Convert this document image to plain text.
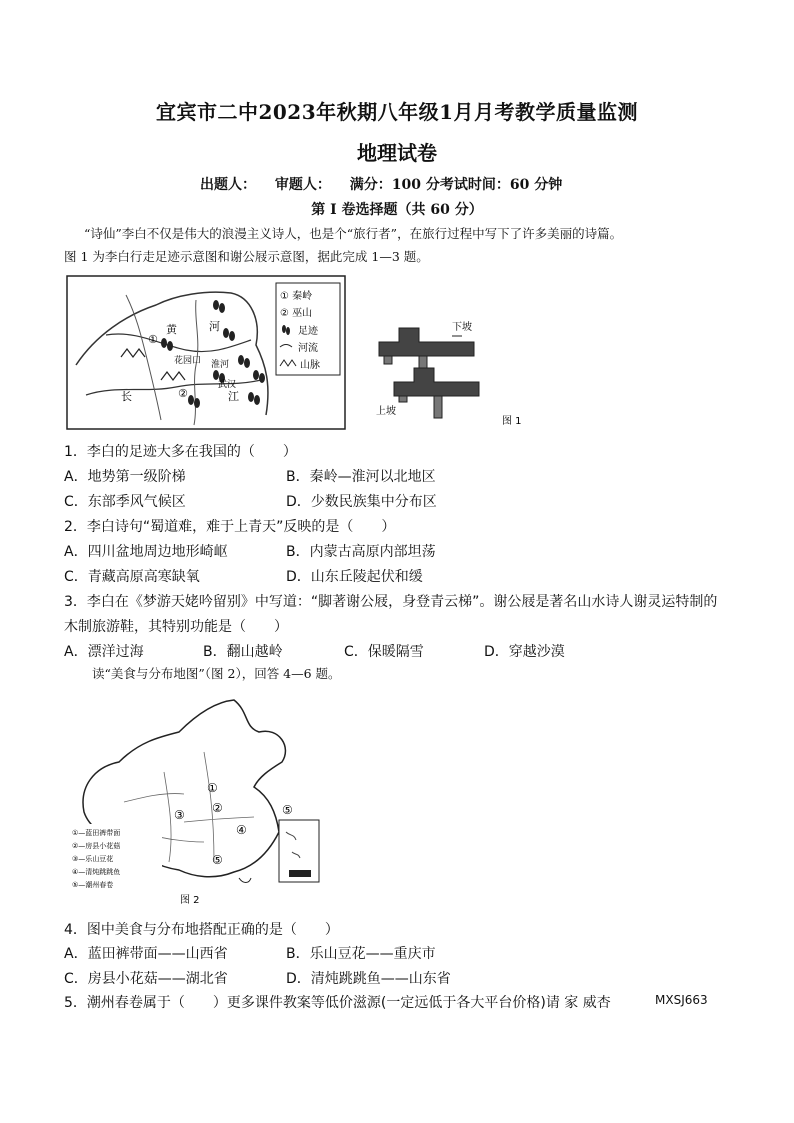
宜宾市二中2023年秋期八年级1月月考教学质量监测
地理试卷
出题人： 审题人： 满分：100 分考试时间：60 分钟
第 I 卷选择题（共 60 分）
“诗仙”李白不仅是伟大的浪漫主义诗人，也是个“旅行者”，在旅行过程中写下了许多美丽的诗篇。
图 1 为李白行走足迹示意图和谢公屐示意图，据此完成 1—3 题。
①
②
黄	河
花园口 淮河
武汉
长	江
① 秦岭
② 巫山
足迹
河流
山脉
下坡
上坡
图 1
1．李白的足迹大多在我国的（　　）
A．地势第一级阶梯	B．秦岭—淮河以北地区
C．东部季风气候区	D．少数民族集中分布区
2．李白诗句“蜀道难，难于上青天”反映的是（　　）
A．四川盆地周边地形崎岖	B．内蒙古高原内部坦荡
C．青藏高原高寒缺氧	D．山东丘陵起伏和缓
3．李白在《梦游天姥吟留别》中写道：“脚著谢公屐，身登青云梯”。谢公屐是著名山水诗人谢灵运特制的
木制旅游鞋，其特别功能是（　　）
A．漂洋过海	B．翻山越岭	C．保暖隔雪	D．穿越沙漠
读“美食与分布地图”（图 2），回答 4—6 题。
①
②
③
④
⑤
①—蓝田裤带面
②—房县小花菇
③—乐山豆花
④—清炖跳跳鱼
⑤—潮州春卷
⑤
图 2
4．图中美食与分布地搭配正确的是（　　）
A．蓝田裤带面——山西省	B．乐山豆花——重庆市
C．房县小花菇——湖北省	D．清炖跳跳鱼——山东省
5．潮州春卷属于（　　）更多课件教案等低价滋源(一定远低于各大平台价格)请 家 威杏	MXSJ663
